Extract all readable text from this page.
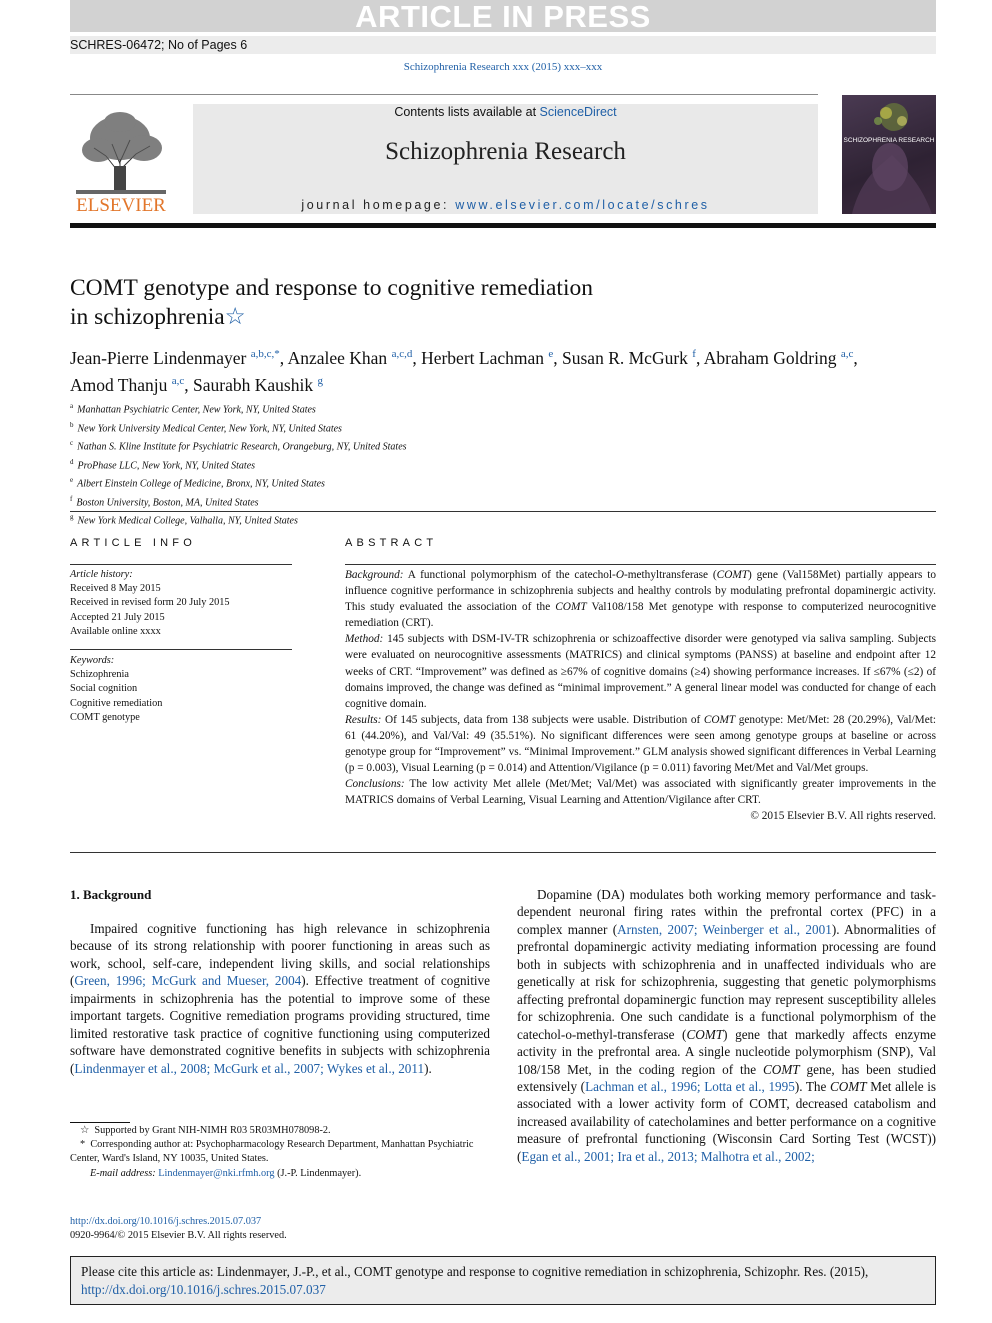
ARTICLE IN PRESS
SCHRES-06472; No of Pages 6
Schizophrenia Research xxx (2015) xxx–xxx
ELSEVIER
Contents lists available at ScienceDirect
Schizophrenia Research
journal homepage: www.elsevier.com/locate/schres
SCHIZOPHRENIA RESEARCH
COMT genotype and response to cognitive remediation
in schizophrenia☆
Jean-Pierre Lindenmayer $^{a,b,c,*}$, Anzalee Khan $^{a,c,d}$, Herbert Lachman $^e$, Susan R. McGurk $^f$, Abraham Goldring $^{a,c}$,
Amod Thanju $^{a,c}$, Saurabh Kaushik $^g$
$^a$ Manhattan Psychiatric Center, New York, NY, United States
$^b$ New York University Medical Center, New York, NY, United States
$^c$ Nathan S. Kline Institute for Psychiatric Research, Orangeburg, NY, United States
$^d$ ProPhase LLC, New York, NY, United States
$^e$ Albert Einstein College of Medicine, Bronx, NY, United States
$^f$ Boston University, Boston, MA, United States
$^g$ New York Medical College, Valhalla, NY, United States
ARTICLE INFO	ABSTRACT
Article history:
Received 8 May 2015
Received in revised form 20 July 2015
Accepted 21 July 2015
Available online xxxx
Keywords:
Schizophrenia
Social cognition
Cognitive remediation
COMT genotype
Background: A functional polymorphism of the catechol-O-methyltransferase (COMT) gene (Val158Met) partially appears to influence cognitive performance in schizophrenia subjects and healthy controls by modulating prefrontal dopaminergic activity. This study evaluated the association of the COMT Val108/158 Met genotype with response to computerized neurocognitive remediation (CRT).
Method: 145 subjects with DSM-IV-TR schizophrenia or schizoaffective disorder were genotyped via saliva sampling. Subjects were evaluated on neurocognitive assessments (MATRICS) and clinical symptoms (PANSS) at baseline and endpoint after 12 weeks of CRT. “Improvement” was defined as ≥67% of cognitive domains (≥4) showing performance increases. If ≤67% (≤2) of domains improved, the change was defined as “minimal improvement.” A general linear model was conducted for change of each cognitive domain.
Results: Of 145 subjects, data from 138 subjects were usable. Distribution of COMT genotype: Met/Met: 28 (20.29%), Val/Met: 61 (44.20%), and Val/Val: 49 (35.51%). No significant differences were seen among genotype groups at baseline or across genotype group for “Improvement” vs. “Minimal Improvement.” GLM analysis showed significant differences in Verbal Learning (p = 0.003), Visual Learning (p = 0.014) and Attention/Vigilance (p = 0.011) favoring Met/Met and Val/Met groups.
Conclusions: The low activity Met allele (Met/Met; Val/Met) was associated with significantly greater improvements in the MATRICS domains of Verbal Learning, Visual Learning and Attention/Vigilance after CRT.
© 2015 Elsevier B.V. All rights reserved.
1. Background
Impaired cognitive functioning has high relevance in schizophrenia because of its strong relationship with poorer functioning in areas such as work, school, self-care, independent living skills, and social relationships (Green, 1996; McGurk and Mueser, 2004). Effective treatment of cognitive impairments in schizophrenia has the potential to improve some of these important targets. Cognitive remediation programs providing structured, time limited restorative task practice of cognitive functioning using computerized software have demonstrated cognitive benefits in subjects with schizophrenia (Lindenmayer et al., 2008; McGurk et al., 2007; Wykes et al., 2011).
Dopamine (DA) modulates both working memory performance and task-dependent neuronal firing rates within the prefrontal cortex (PFC) in a complex manner (Arnsten, 2007; Weinberger et al., 2001). Abnormalities of prefrontal dopaminergic activity mediating information processing are found both in subjects with schizophrenia and in unaffected individuals who are genetically at risk for schizophrenia, suggesting that genetic polymorphisms affecting prefrontal dopaminergic function may represent susceptibility alleles for schizophrenia. One such candidate is a functional polymorphism of the catechol-o-methyl-transferase (COMT) gene that markedly affects enzyme activity in the prefrontal area. A single nucleotide polymorphism (SNP), Val 108/158 Met, in the coding region of the COMT gene, has been studied extensively (Lachman et al., 1996; Lotta et al., 1995). The COMT Met allele is associated with a lower activity form of COMT, decreased catabolism and increased availability of catecholamines and better performance on a cognitive measure of prefrontal functioning (Wisconsin Card Sorting Test (WCST)) (Egan et al., 2001; Ira et al., 2013; Malhotra et al., 2002;
☆ Supported by Grant NIH-NIMH R03 5R03MH078098-2.
* Corresponding author at: Psychopharmacology Research Department, Manhattan Psychiatric Center, Ward's Island, NY 10035, United States.
E-mail address: Lindenmayer@nki.rfmh.org (J.-P. Lindenmayer).
http://dx.doi.org/10.1016/j.schres.2015.07.037
0920-9964/© 2015 Elsevier B.V. All rights reserved.
Please cite this article as: Lindenmayer, J.-P., et al., COMT genotype and response to cognitive remediation in schizophrenia, Schizophr. Res. (2015), http://dx.doi.org/10.1016/j.schres.2015.07.037
